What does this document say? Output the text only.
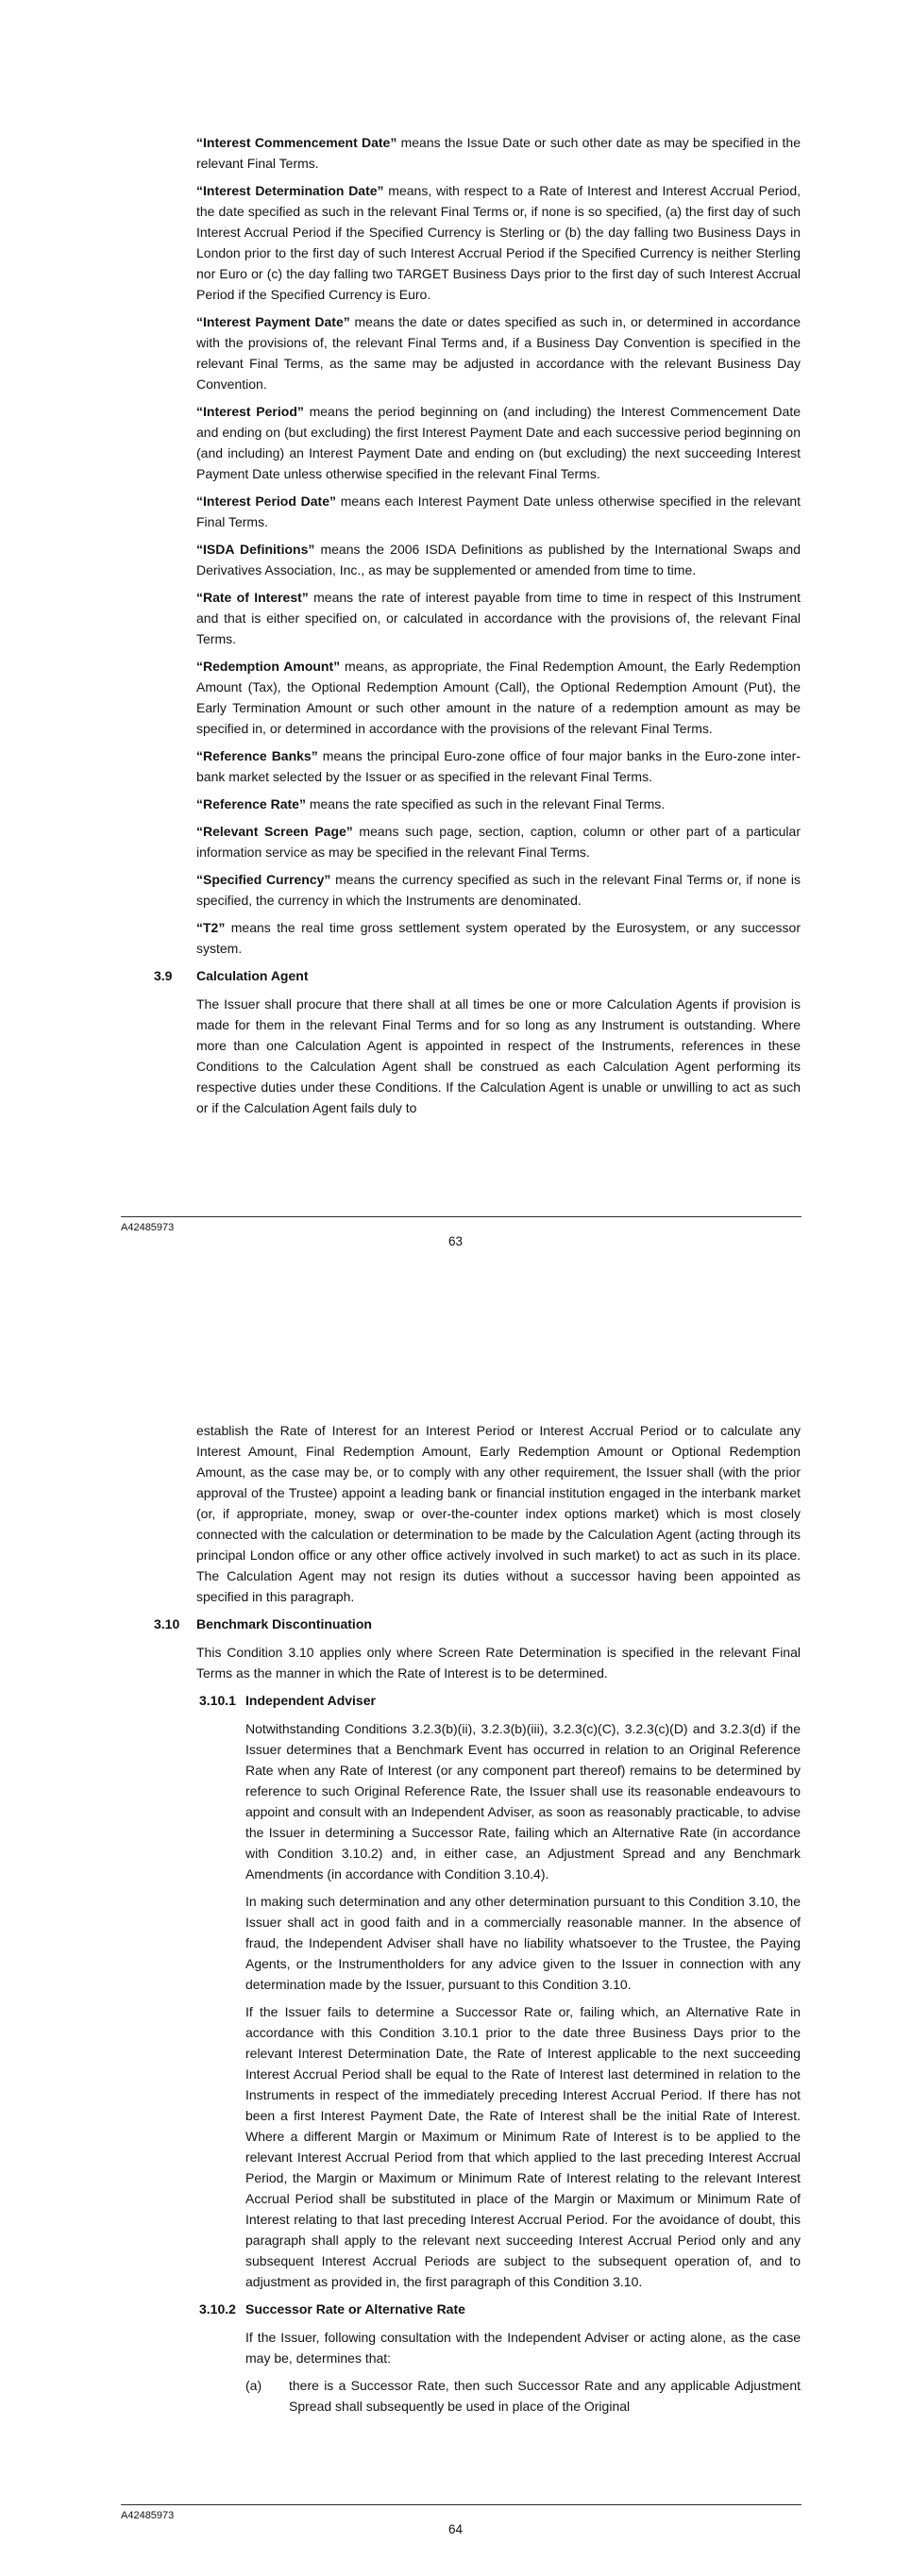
“Interest Commencement Date” means the Issue Date or such other date as may be specified in the relevant Final Terms.
“Interest Determination Date” means, with respect to a Rate of Interest and Interest Accrual Period, the date specified as such in the relevant Final Terms or, if none is so specified, (a) the first day of such Interest Accrual Period if the Specified Currency is Sterling or (b) the day falling two Business Days in London prior to the first day of such Interest Accrual Period if the Specified Currency is neither Sterling nor Euro or (c) the day falling two TARGET Business Days prior to the first day of such Interest Accrual Period if the Specified Currency is Euro.
“Interest Payment Date” means the date or dates specified as such in, or determined in accordance with the provisions of, the relevant Final Terms and, if a Business Day Convention is specified in the relevant Final Terms, as the same may be adjusted in accordance with the relevant Business Day Convention.
“Interest Period” means the period beginning on (and including) the Interest Commencement Date and ending on (but excluding) the first Interest Payment Date and each successive period beginning on (and including) an Interest Payment Date and ending on (but excluding) the next succeeding Interest Payment Date unless otherwise specified in the relevant Final Terms.
“Interest Period Date” means each Interest Payment Date unless otherwise specified in the relevant Final Terms.
“ISDA Definitions” means the 2006 ISDA Definitions as published by the International Swaps and Derivatives Association, Inc., as may be supplemented or amended from time to time.
“Rate of Interest” means the rate of interest payable from time to time in respect of this Instrument and that is either specified on, or calculated in accordance with the provisions of, the relevant Final Terms.
“Redemption Amount” means, as appropriate, the Final Redemption Amount, the Early Redemption Amount (Tax), the Optional Redemption Amount (Call), the Optional Redemption Amount (Put), the Early Termination Amount or such other amount in the nature of a redemption amount as may be specified in, or determined in accordance with the provisions of the relevant Final Terms.
“Reference Banks” means the principal Euro-zone office of four major banks in the Euro-zone inter-bank market selected by the Issuer or as specified in the relevant Final Terms.
“Reference Rate” means the rate specified as such in the relevant Final Terms.
“Relevant Screen Page” means such page, section, caption, column or other part of a particular information service as may be specified in the relevant Final Terms.
“Specified Currency” means the currency specified as such in the relevant Final Terms or, if none is specified, the currency in which the Instruments are denominated.
“T2” means the real time gross settlement system operated by the Eurosystem, or any successor system.
3.9 Calculation Agent
The Issuer shall procure that there shall at all times be one or more Calculation Agents if provision is made for them in the relevant Final Terms and for so long as any Instrument is outstanding. Where more than one Calculation Agent is appointed in respect of the Instruments, references in these Conditions to the Calculation Agent shall be construed as each Calculation Agent performing its respective duties under these Conditions. If the Calculation Agent is unable or unwilling to act as such or if the Calculation Agent fails duly to
A42485973
63
establish the Rate of Interest for an Interest Period or Interest Accrual Period or to calculate any Interest Amount, Final Redemption Amount, Early Redemption Amount or Optional Redemption Amount, as the case may be, or to comply with any other requirement, the Issuer shall (with the prior approval of the Trustee) appoint a leading bank or financial institution engaged in the interbank market (or, if appropriate, money, swap or over-the-counter index options market) which is most closely connected with the calculation or determination to be made by the Calculation Agent (acting through its principal London office or any other office actively involved in such market) to act as such in its place. The Calculation Agent may not resign its duties without a successor having been appointed as specified in this paragraph.
3.10 Benchmark Discontinuation
This Condition 3.10 applies only where Screen Rate Determination is specified in the relevant Final Terms as the manner in which the Rate of Interest is to be determined.
3.10.1 Independent Adviser
Notwithstanding Conditions 3.2.3(b)(ii), 3.2.3(b)(iii), 3.2.3(c)(C), 3.2.3(c)(D) and 3.2.3(d) if the Issuer determines that a Benchmark Event has occurred in relation to an Original Reference Rate when any Rate of Interest (or any component part thereof) remains to be determined by reference to such Original Reference Rate, the Issuer shall use its reasonable endeavours to appoint and consult with an Independent Adviser, as soon as reasonably practicable, to advise the Issuer in determining a Successor Rate, failing which an Alternative Rate (in accordance with Condition 3.10.2) and, in either case, an Adjustment Spread and any Benchmark Amendments (in accordance with Condition 3.10.4).
In making such determination and any other determination pursuant to this Condition 3.10, the Issuer shall act in good faith and in a commercially reasonable manner. In the absence of fraud, the Independent Adviser shall have no liability whatsoever to the Trustee, the Paying Agents, or the Instrumentholders for any advice given to the Issuer in connection with any determination made by the Issuer, pursuant to this Condition 3.10.
If the Issuer fails to determine a Successor Rate or, failing which, an Alternative Rate in accordance with this Condition 3.10.1 prior to the date three Business Days prior to the relevant Interest Determination Date, the Rate of Interest applicable to the next succeeding Interest Accrual Period shall be equal to the Rate of Interest last determined in relation to the Instruments in respect of the immediately preceding Interest Accrual Period. If there has not been a first Interest Payment Date, the Rate of Interest shall be the initial Rate of Interest. Where a different Margin or Maximum or Minimum Rate of Interest is to be applied to the relevant Interest Accrual Period from that which applied to the last preceding Interest Accrual Period, the Margin or Maximum or Minimum Rate of Interest relating to the relevant Interest Accrual Period shall be substituted in place of the Margin or Maximum or Minimum Rate of Interest relating to that last preceding Interest Accrual Period. For the avoidance of doubt, this paragraph shall apply to the relevant next succeeding Interest Accrual Period only and any subsequent Interest Accrual Periods are subject to the subsequent operation of, and to adjustment as provided in, the first paragraph of this Condition 3.10.
3.10.2 Successor Rate or Alternative Rate
If the Issuer, following consultation with the Independent Adviser or acting alone, as the case may be, determines that:
(a) there is a Successor Rate, then such Successor Rate and any applicable Adjustment Spread shall subsequently be used in place of the Original
A42485973
64
